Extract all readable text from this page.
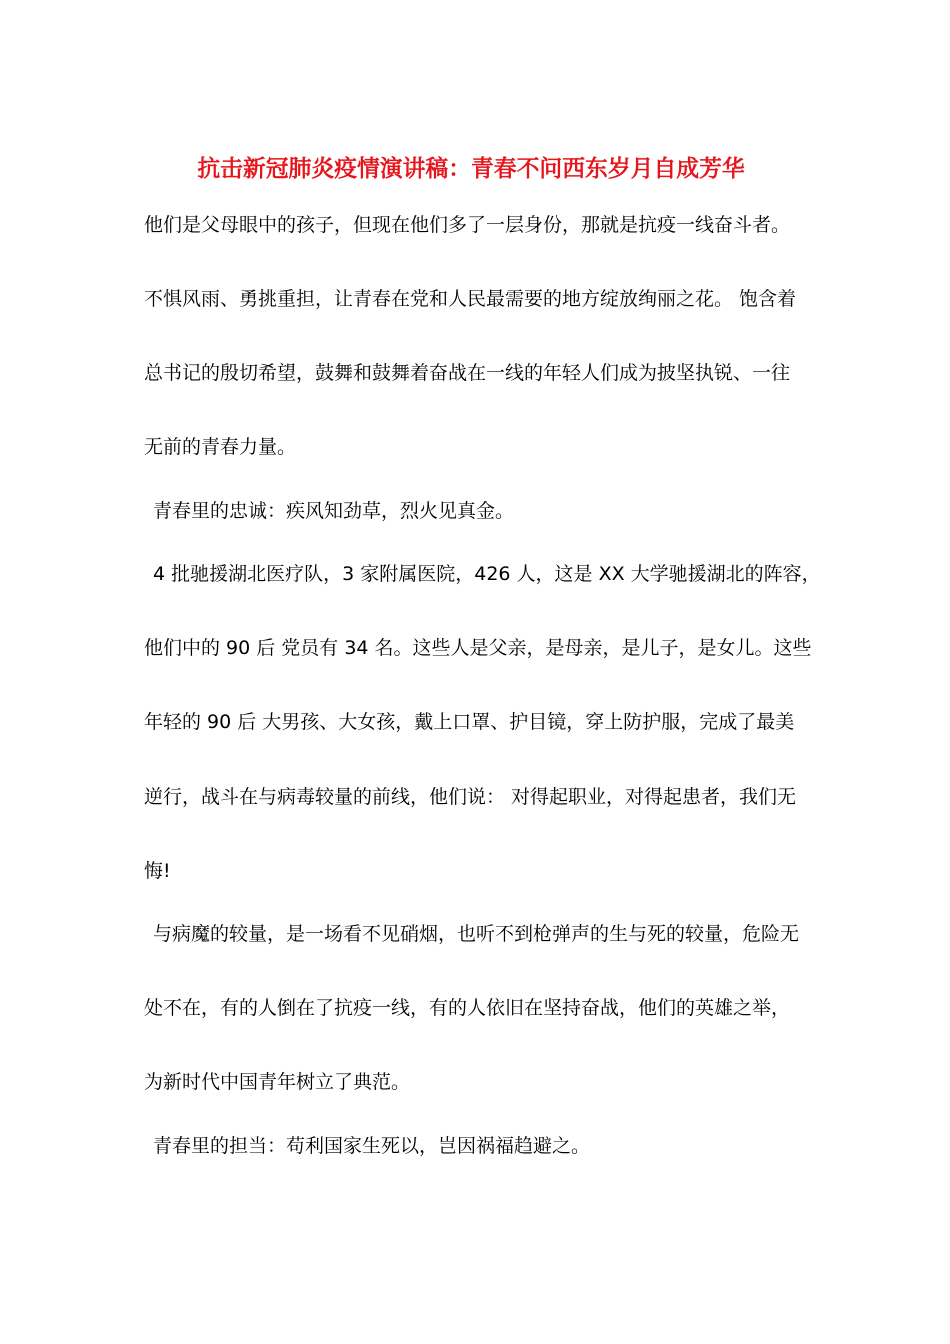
抗击新冠肺炎疫情演讲稿：青春不问西东岁月自成芳华
他们是父母眼中的孩子，但现在他们多了一层身份，那就是抗疫一线奋斗者。
不惧风雨、勇挑重担，让青春在党和人民最需要的地方绽放绚丽之花。 饱含着
总书记的殷切希望，鼓舞和鼓舞着奋战在一线的年轻人们成为披坚执锐、一往
无前的青春力量。
青春里的忠诚：疾风知劲草，烈火见真金。
4 批驰援湖北医疗队，3 家附属医院，426 人，这是 XX 大学驰援湖北的阵容，
他们中的 90 后 党员有 34 名。这些人是父亲，是母亲，是儿子，是女儿。这些
年轻的 90 后 大男孩、大女孩，戴上口罩、护目镜，穿上防护服，完成了最美
逆行，战斗在与病毒较量的前线，他们说： 对得起职业，对得起患者，我们无
悔!
与病魔的较量，是一场看不见硝烟，也听不到枪弹声的生与死的较量，危险无
处不在，有的人倒在了抗疫一线，有的人依旧在坚持奋战，他们的英雄之举，
为新时代中国青年树立了典范。
青春里的担当：苟利国家生死以，岂因祸福趋避之。
